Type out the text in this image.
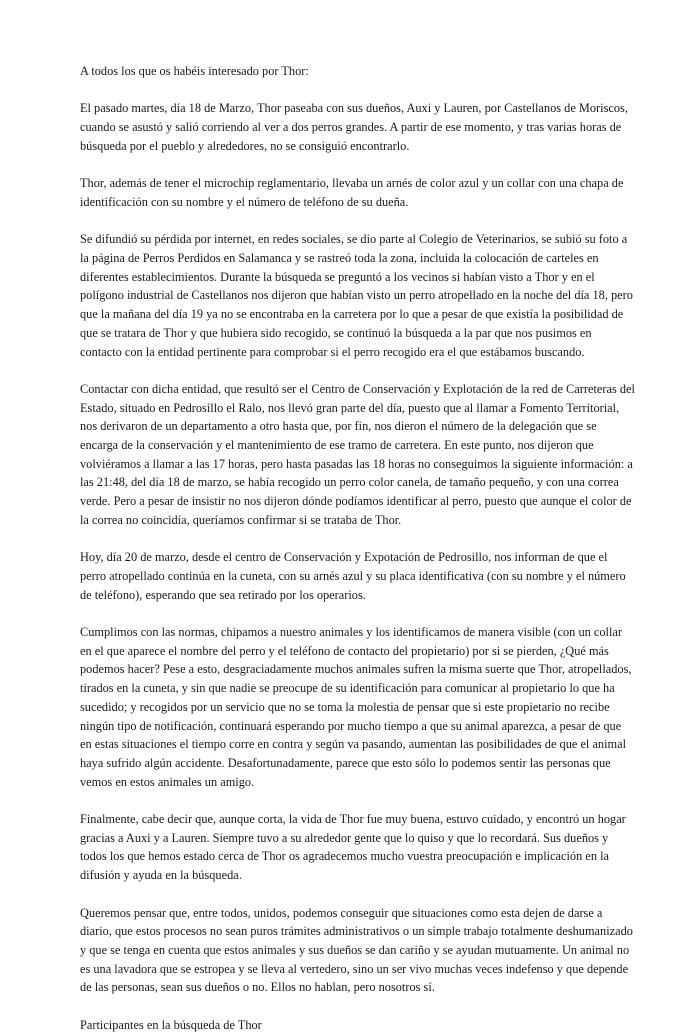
A todos los que os habéis interesado por Thor:

El pasado martes, día 18 de Marzo, Thor paseaba con sus dueños, Auxi y Lauren, por Castellanos de Moriscos, cuando se asustó y salió corriendo al ver a dos perros grandes. A partir de ese momento, y tras varias horas de búsqueda por el pueblo y alrededores, no se consiguió encontrarlo.

Thor, además de tener el microchip reglamentario, llevaba un arnés de color azul y un collar con una chapa de identificación con su nombre y el número de teléfono de su dueña.

Se difundió su pérdida por internet, en redes sociales, se dio parte al Colegio de Veterinarios, se subió su foto a la página de Perros Perdidos en Salamanca y se rastreó toda la zona, incluida la colocación de carteles en diferentes establecimientos. Durante la búsqueda se preguntó a los vecinos si habían visto a Thor y en el polígono industrial de Castellanos nos dijeron que habían visto un perro atropellado en la noche del día 18, pero que la mañana del día 19 ya no se encontraba en la carretera por lo que a pesar de que existía la posibilidad de que se tratara de Thor y que hubiera sido recogido, se continuó la búsqueda a la par que nos pusimos en contacto con la entidad pertinente para comprobar si el perro recogido era el que estábamos buscando.

Contactar con dicha entidad, que resultó ser el Centro de Conservación y Explotación de la red de Carreteras del Estado, situado en Pedrosillo el Ralo, nos llevó gran parte del día, puesto que al llamar a Fomento Territorial, nos derivaron de un departamento a otro hasta que, por fin, nos dieron el número de la delegación que se encarga de la conservación y el mantenimiento de ese tramo de carretera. En este punto, nos dijeron que volviéramos a llamar a las 17 horas, pero hasta pasadas las 18 horas no conseguimos la siguiente información: a las 21:48, del día 18 de marzo, se había recogido un perro color canela, de tamaño pequeño, y con una correa verde. Pero a pesar de insistir no nos dijeron dónde podíamos identificar al perro, puesto que aunque el color de la correa no coincidía, queríamos confirmar si se trataba de Thor.

Hoy, día 20 de marzo, desde el centro de Conservación y Expotación de Pedrosillo, nos informan de que el perro atropellado continúa en la cuneta, con su arnés azul y su placa identificativa (con su nombre y el número de teléfono), esperando que sea retirado por los operarios.

Cumplimos con las normas, chipamos a nuestro animales y los identificamos de manera visible (con un collar en el que aparece el nombre del perro y el teléfono de contacto del propietario) por si se pierden, ¿Qué más podemos hacer? Pese a esto, desgraciadamente muchos animales sufren la misma suerte que Thor, atropellados, tirados en la cuneta, y sin que nadie se preocupe de su identificación para comunicar al propietario lo que ha sucedido; y recogidos por un servicio que no se toma la molestia de pensar que si este propietario no recibe ningún tipo de notificación, continuará esperando por mucho tiempo a que su animal aparezca, a pesar de que en estas situaciones el tiempo corre en contra y según va pasando, aumentan las posibilidades de que el animal haya sufrido algún accidente. Desafortunadamente, parece que esto sólo lo podemos sentir las personas que vemos en estos animales un amigo.

Finalmente, cabe decir que, aunque corta, la vida de Thor fue muy buena, estuvo cuidado, y encontró un hogar gracias a Auxi y a Lauren. Siempre tuvo a su alrededor gente que lo quiso y que lo recordará. Sus dueños y todos los que hemos estado cerca de Thor os agradecemos mucho vuestra preocupación e implicación en la difusión y ayuda en la búsqueda.

Queremos pensar que, entre todos, unidos, podemos conseguir que situaciones como esta dejen de darse a diario, que estos procesos no sean puros trámites administrativos o un simple trabajo totalmente deshumanizado y que se tenga en cuenta que estos animales y sus dueños se dan cariño y se ayudan mutuamente. Un animal no es una lavadora que se estropea y se lleva al vertedero, sino un ser vivo muchas veces indefenso y que depende de las personas, sean sus dueños o no. Ellos no hablan, pero nosotros sí.

Participantes en la búsqueda de Thor
